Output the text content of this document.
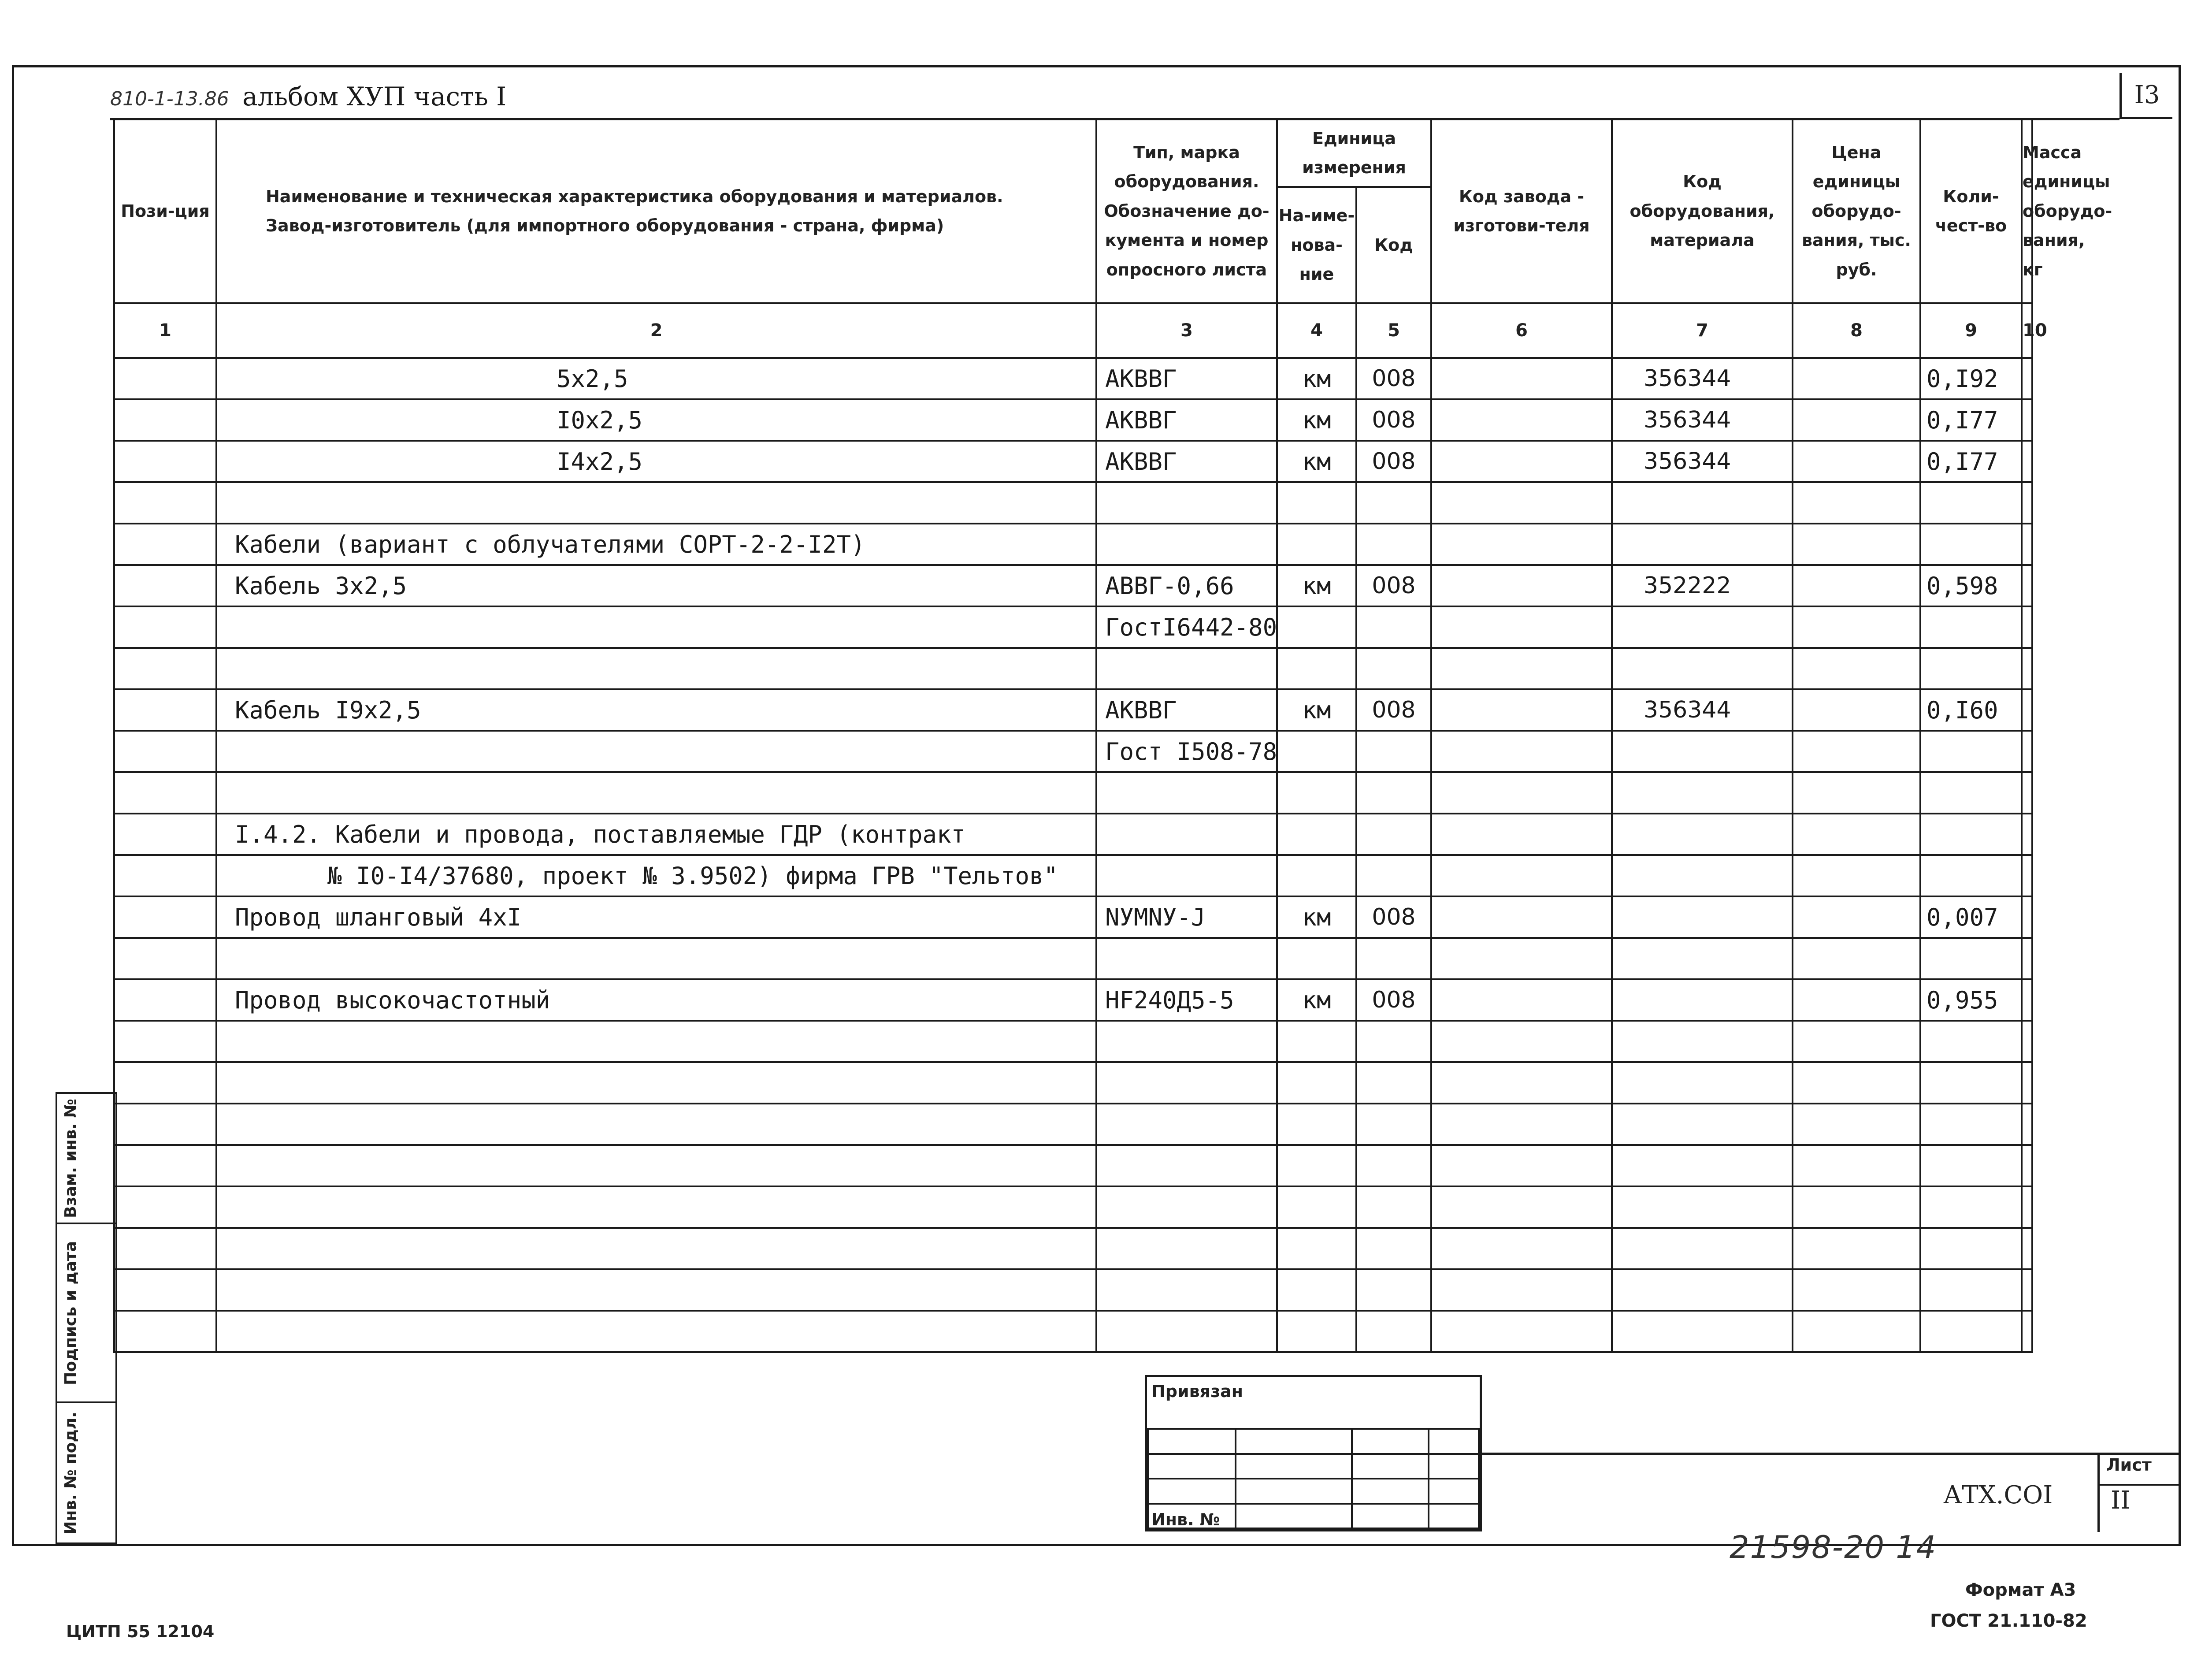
810-1-13.86 альбом ХУП часть I	I3
Пози-ция	Наименование и техническая характеристика оборудования и материалов.
Завод-изготовитель (для импортного оборудования - страна, фирма)	Тип, марка оборудования. Обозначение до-кумента и номер опросного листа	Единица измерения		Код завода - изготови-теля	Код оборудования, материала	Цена единицы оборудо-вания, тыс. руб.	Коли-чест-во	Масса единицы оборудо-вания, кг
			На-име-нова-ние	Код					
1	2	3	4	5	6	7	8	9	10
	5x2,5	АКВВГ	км	008		356344		0,I92	
	I0x2,5	АКВВГ	км	008		356344		0,I77	
	I4x2,5	АКВВГ	км	008		356344		0,I77	

	Кабели (вариант с облучателями СОРТ-2-2-I2Т)								
	Кабель 3x2,5	АВВГ-0,66	км	008		352222		0,598	
		ГостI6442-80							

	Кабель I9x2,5	АКВВГ	км	008		356344		0,I60	
		Гост I508-78							

	I.4.2. Кабели и провода, поставляемые ГДР (контракт								
	№ I0-I4/37680, проект № 3.9502) фирма ГРВ "Тельтов"								
	Провод шланговый 4xI	NУМNУ-J	км	008				0,007	

	Провод высокочастотный	HF240Д5-5	км	008				0,955	

Взам. инв. №
Подпись и дата
Инв. № подл.
Привязан

Инв. №
АТХ.СОI
Лист
II
21598-20 14
Формат А3
ГОСТ 21.110-82
ЦИТП 55 12104
